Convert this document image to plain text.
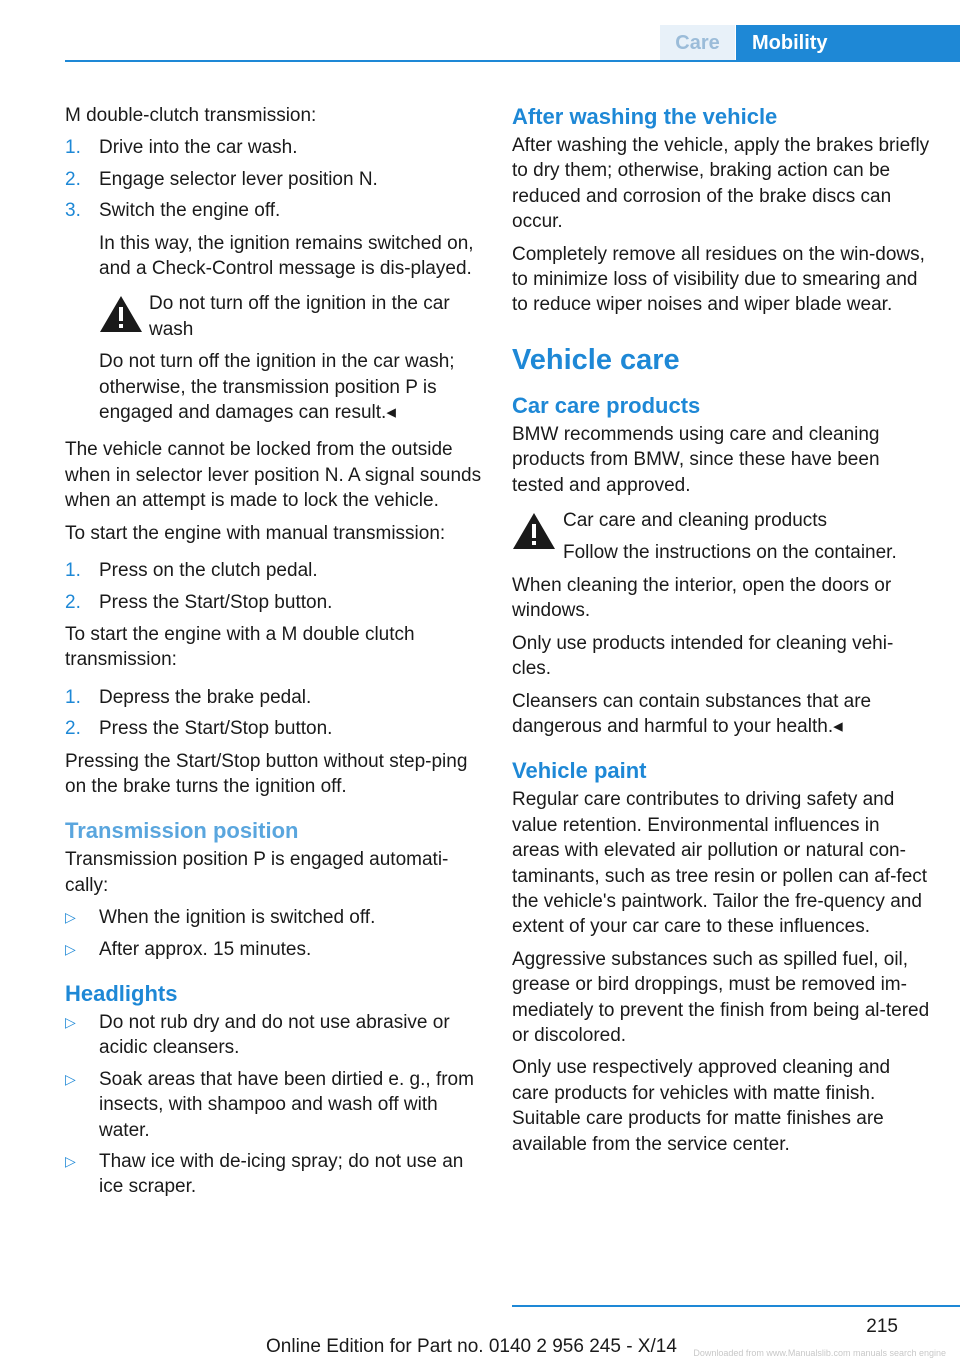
Care	Mobility

M double-clutch transmission:

1. Drive into the car wash.
2. Engage selector lever position N.
3. Switch the engine off.

In this way, the ignition remains switched on, and a Check-Control message is dis-played.

Do not turn off the ignition in the car wash

Do not turn off the ignition in the car wash; otherwise, the transmission position P is engaged and damages can result.◂

The vehicle cannot be locked from the outside when in selector lever position N. A signal sounds when an attempt is made to lock the vehicle.

To start the engine with manual transmission:

1. Press on the clutch pedal.
2. Press the Start/Stop button.

To start the engine with a M double clutch transmission:

1. Depress the brake pedal.
2. Press the Start/Stop button.

Pressing the Start/Stop button without step-ping on the brake turns the ignition off.

Transmission position

Transmission position P is engaged automati-cally:

▷ When the ignition is switched off.
▷ After approx. 15 minutes.
Headlights
▷ Do not rub dry and do not use abrasive or acidic cleansers.
▷ Soak areas that have been dirtied e. g., from insects, with shampoo and wash off with water.
▷ Thaw ice with de-icing spray; do not use an ice scraper.
After washing the vehicle

After washing the vehicle, apply the brakes briefly to dry them; otherwise, braking action can be reduced and corrosion of the brake discs can occur.

Completely remove all residues on the win-dows, to minimize loss of visibility due to smearing and to reduce wiper noises and wiper blade wear.

Vehicle care
Car care products

BMW recommends using care and cleaning products from BMW, since these have been tested and approved.

Car care and cleaning products

Follow the instructions on the container.

When cleaning the interior, open the doors or windows.

Only use products intended for cleaning vehi-cles.

Cleansers can contain substances that are dangerous and harmful to your health.◂

Vehicle paint

Regular care contributes to driving safety and value retention. Environmental influences in areas with elevated air pollution or natural con-taminants, such as tree resin or pollen can af-fect the vehicle's paintwork. Tailor the fre-quency and extent of your car care to these influences.

Aggressive substances such as spilled fuel, oil, grease or bird droppings, must be removed im-mediately to prevent the finish from being al-tered or discolored.

Only use respectively approved cleaning and care products for vehicles with matte finish. Suitable care products for matte finishes are available from the service center.

215
Online Edition for Part no. 0140 2 956 245 - X/14 Downloaded from www.Manualslib.com manuals search engine
